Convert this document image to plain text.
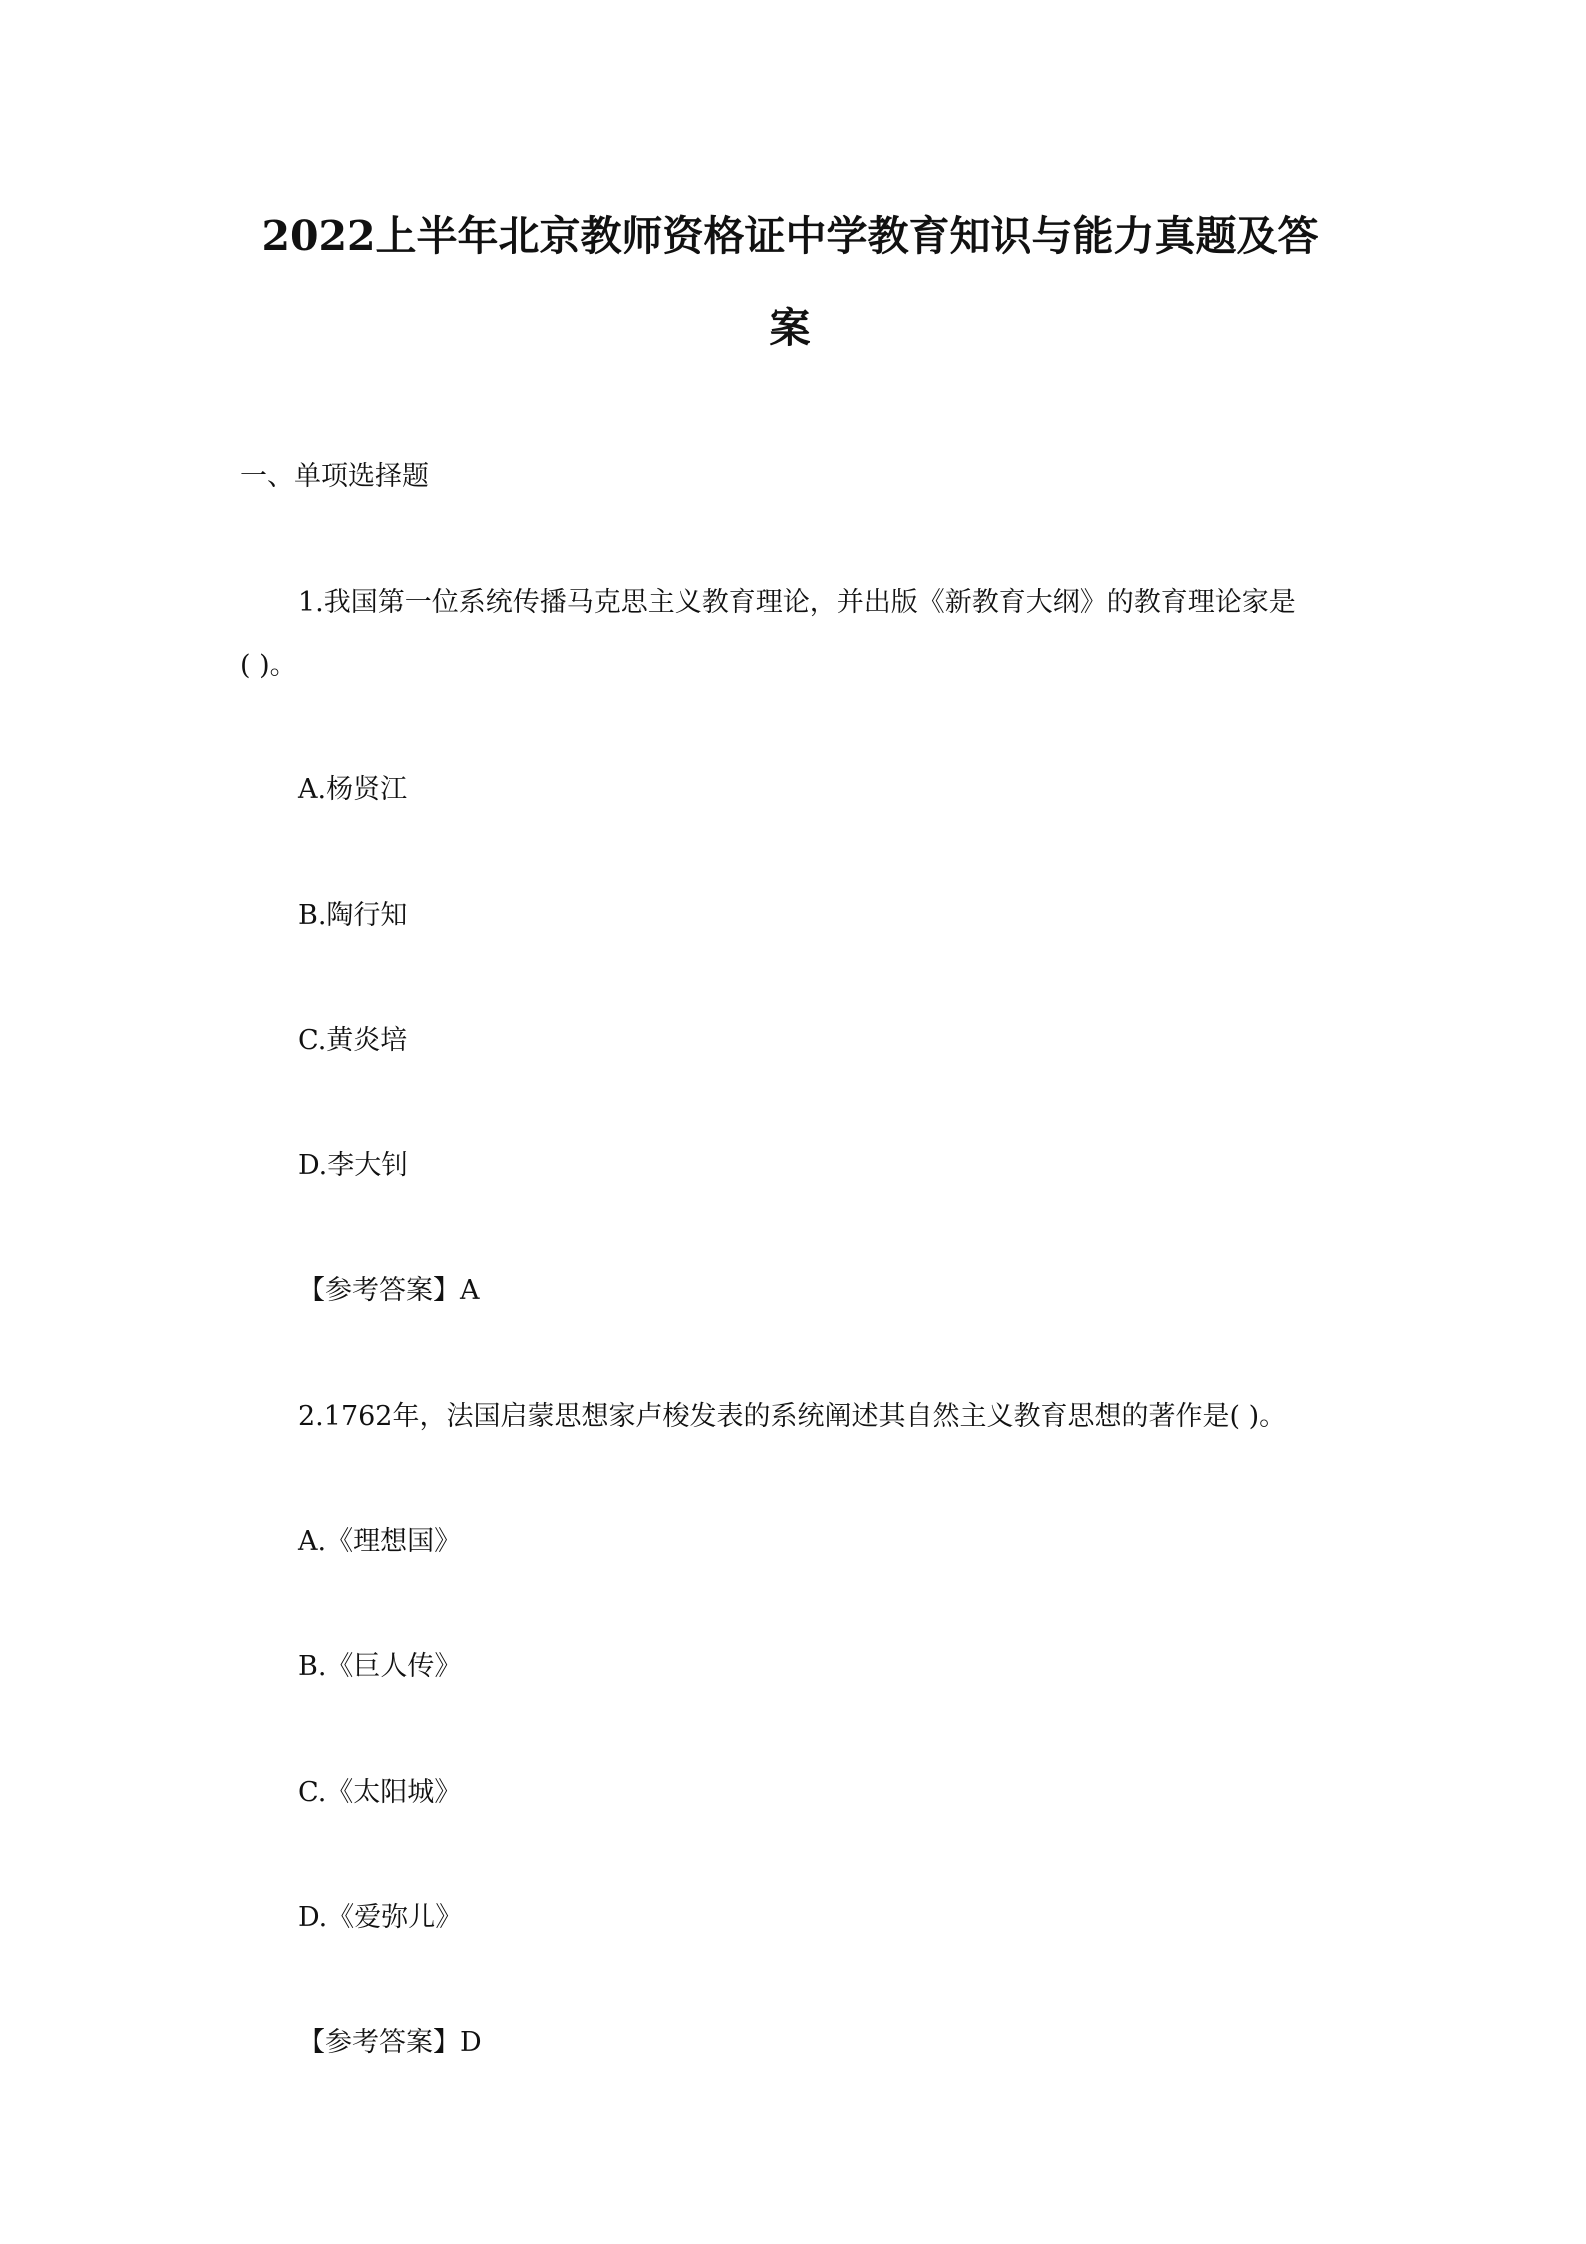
2022上半年北京教师资格证中学教育知识与能力真题及答
案
一、单项选择题
1.我国第一位系统传播马克思主义教育理论，并出版《新教育大纲》的教育理论家是
( )。
A.杨贤江
B.陶行知
C.黄炎培
D.李大钊
【参考答案】A
2.1762年，法国启蒙思想家卢梭发表的系统阐述其自然主义教育思想的著作是( )。
A.《理想国》
B.《巨人传》
C.《太阳城》
D.《爱弥儿》
【参考答案】D
